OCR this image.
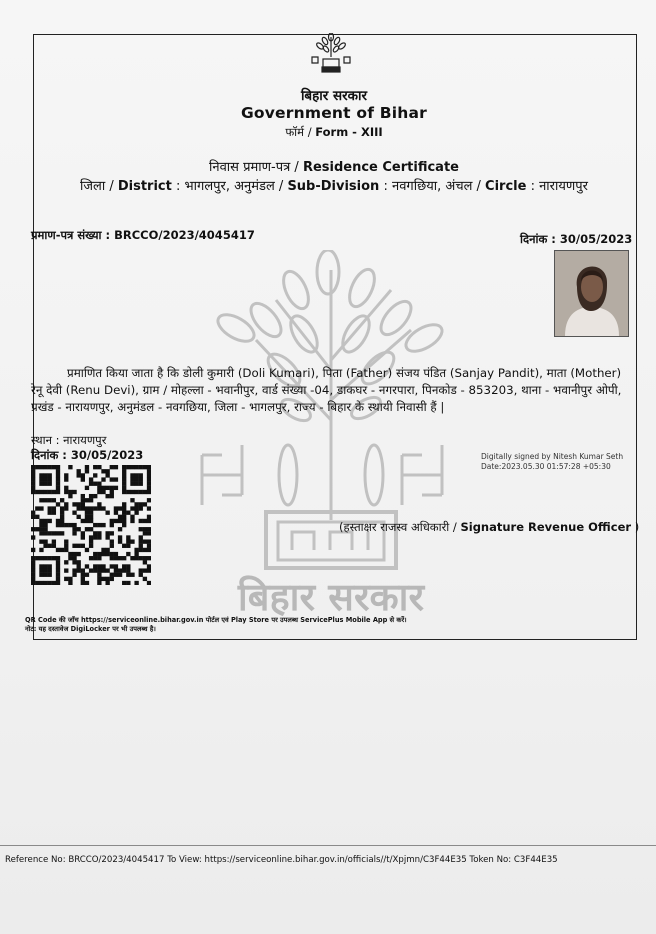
बिहार सरकार
बिहार सरकार
Government of Bihar
फॉर्म / Form - XIII
निवास प्रमाण-पत्र / Residence Certificate
जिला / District : भागलपुर, अनुमंडल / Sub-Division : नवगछिया, अंचल / Circle : नारायणपुर
प्रमाण-पत्र संख्या : BRCCO/2023/4045417	दिनांक : 30/05/2023
प्रमाणित किया जाता है कि डोली कुमारी (Doli Kumari), पिता (Father) संजय पंडित (Sanjay Pandit), माता (Mother) रेनू देवी (Renu Devi), ग्राम / मोहल्ला - भवानीपुर, वार्ड संख्या -04, डाकघर - नगरपारा, पिनकोड - 853203, थाना - भवानीपुर ओपी, प्रखंड - नारायणपुर, अनुमंडल - नवगछिया, जिला - भागलपुर, राज्य - बिहार के स्थायी निवासी हैं |
स्थान : नारायणपुर
दिनांक : 30/05/2023	Digitally signed by Nitesh Kumar Seth
Date:2023.05.30 01:57:28 +05:30
(हस्ताक्षर राजस्व अधिकारी / Signature Revenue Officer )
QR Code की जाँच https://serviceonline.bihar.gov.in पोर्टल एवं Play Store पर उपलब्ध ServicePlus Mobile App से करें।
नोट: यह दस्तावेज DigiLocker पर भी उपलब्ध है।
Reference No: BRCCO/2023/4045417 To View: https://serviceonline.bihar.gov.in/officials//t/Xpjmn/C3F44E35 Token No: C3F44E35
